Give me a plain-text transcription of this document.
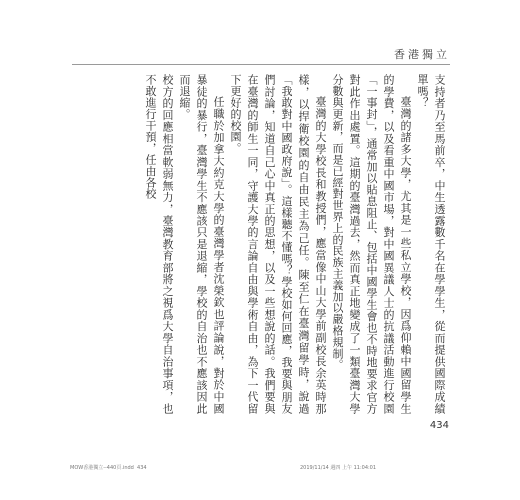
香港獨立

支持者乃至馬前卒，中生透露數千名在學學生，從而提供國際成績單嗎？

臺灣的諸多大學，尤其是一些私立學校，因爲仰賴中國留學生的學費，以及看重中國市場，對中國異議人士的抗議活動進行校園「一事封」，通常加以貼息阻止、包括中國學生會也不時地要求官方對此作出處置。這期的臺灣過去，然而真正地變成了一類臺灣大學分數與更新，而是已經對世界上的民族主義加以嚴格規制。

臺灣的大學校長和教授們，應當像中山大學前副校長余英時那樣，以捍衛校園的自由民主為己任。陳至仁在臺灣留學時，說過「我敢對中國政府說」。這樣聽不懂嗎？學校如何回應，我要與朋友們討論，知道自己心中真正的思想，以及一些想說的話。我們要與在臺灣的師生一同，守護大學的言論自由與學術自由，為下一代留下更好的校園。

任職於加拿大約克大學的臺灣學者沈榮欽也評論說，對於中國暴徒的暴行，臺灣學生不應該只是退縮，學校的自治也不應該因此而退縮。

校方的回應相當軟弱無力，臺灣教育部將之視爲大學自治事項，也不敢進行干預，任由各校

434
MOW香港獨立--440頁.indd  434	2019/11/14 週四 上午 11:04:01
